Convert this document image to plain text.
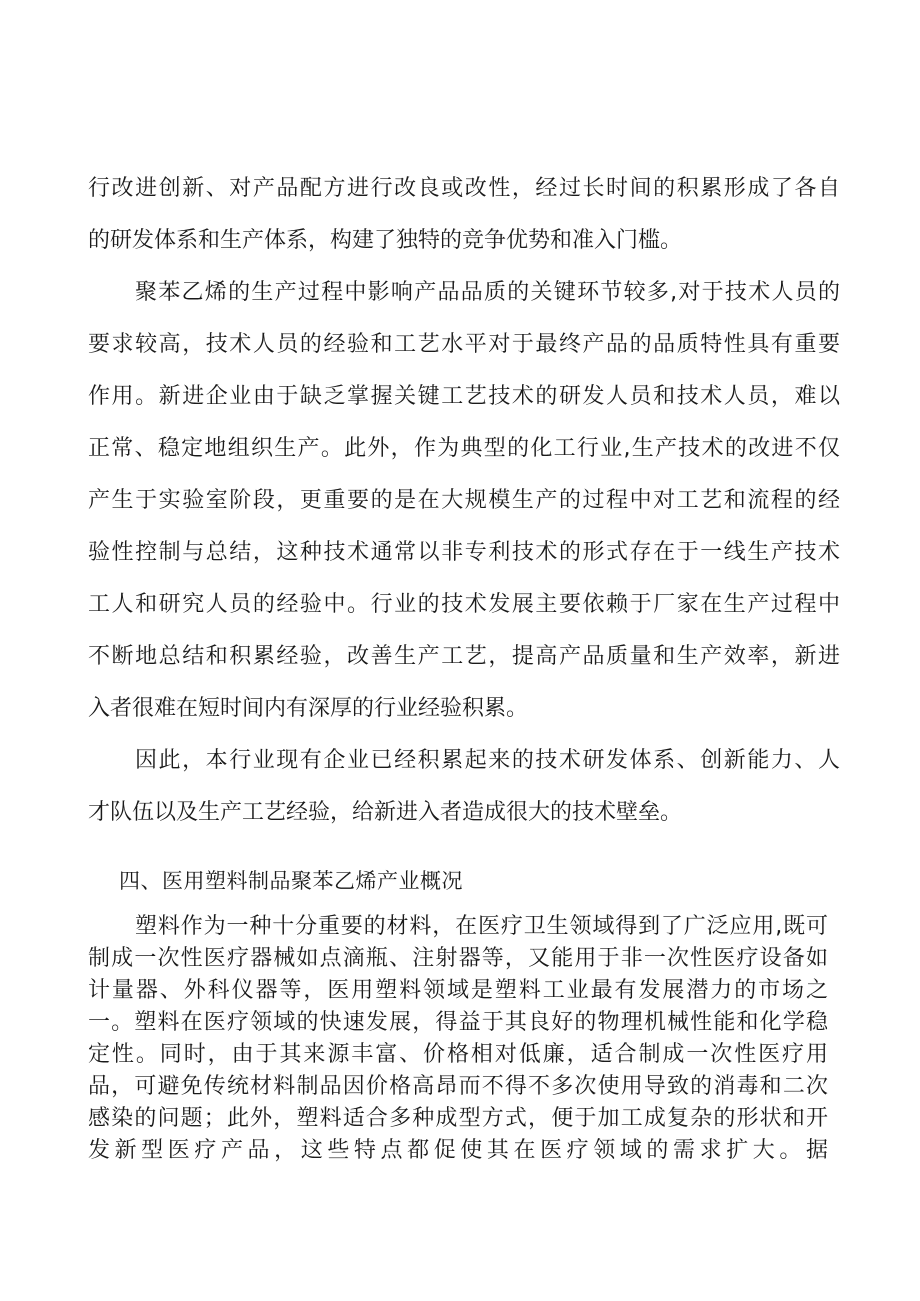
行改进创新、对产品配方进行改良或改性，经过长时间的积累形成了各自
的研发体系和生产体系，构建了独特的竞争优势和准入门槛。
聚苯乙烯的生产过程中影响产品品质的关键环节较多,对于技术人员的
要求较高，技术人员的经验和工艺水平对于最终产品的品质特性具有重要
作用。新进企业由于缺乏掌握关键工艺技术的研发人员和技术人员，难以
正常、稳定地组织生产。此外，作为典型的化工行业,生产技术的改进不仅
产生于实验室阶段，更重要的是在大规模生产的过程中对工艺和流程的经
验性控制与总结，这种技术通常以非专利技术的形式存在于一线生产技术
工人和研究人员的经验中。行业的技术发展主要依赖于厂家在生产过程中
不断地总结和积累经验，改善生产工艺，提高产品质量和生产效率，新进
入者很难在短时间内有深厚的行业经验积累。
因此，本行业现有企业已经积累起来的技术研发体系、创新能力、人
才队伍以及生产工艺经验，给新进入者造成很大的技术壁垒。
四、医用塑料制品聚苯乙烯产业概况
塑料作为一种十分重要的材料，在医疗卫生领域得到了广泛应用,既可
制成一次性医疗器械如点滴瓶、注射器等，又能用于非一次性医疗设备如
计量器、外科仪器等，医用塑料领域是塑料工业最有发展潜力的市场之
一。塑料在医疗领域的快速发展，得益于其良好的物理机械性能和化学稳
定性。同时，由于其来源丰富、价格相对低廉，适合制成一次性医疗用
品，可避免传统材料制品因价格高昂而不得不多次使用导致的消毒和二次
感染的问题；此外，塑料适合多种成型方式，便于加工成复杂的形状和开
发新型医疗产品，这些特点都促使其在医疗领域的需求扩大。据
